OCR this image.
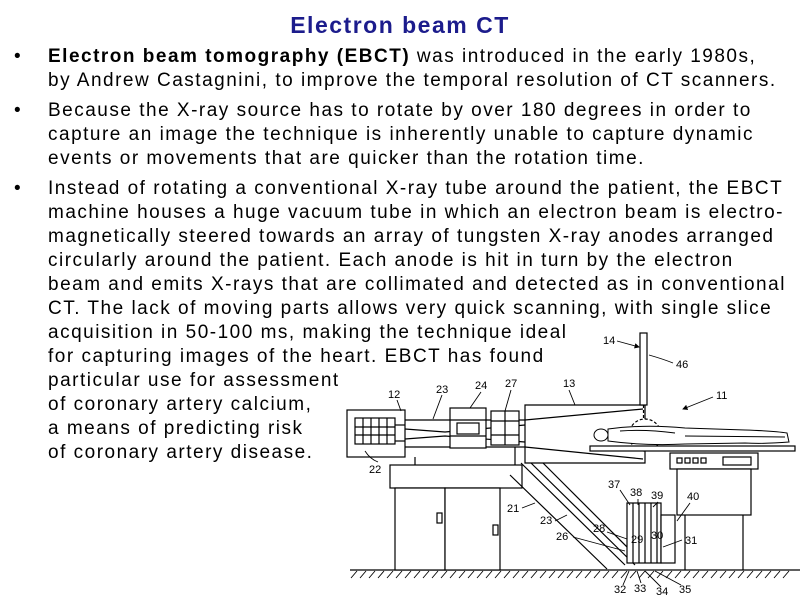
Electron beam CT
14
46
11
12	23 24 27	13
22
37
38 39 40
21
23
28
26	29 30 31
32 33 34 35
• Electron beam tomography (EBCT) was introduced in the early 1980s,
by Andrew Castagnini, to improve the temporal resolution of CT scanners.
• Because the X-ray source has to rotate by over 180 degrees in order to
capture an image the technique is inherently unable to capture dynamic
events or movements that are quicker than the rotation time.
• Instead of rotating a conventional X-ray tube around the patient, the EBCT
machine houses a huge vacuum tube in which an electron beam is electro-
magnetically steered towards an array of tungsten X-ray anodes arranged
circularly around the patient. Each anode is hit in turn by the electron
beam and emits X-rays that are collimated and detected as in conventional
CT. The lack of moving parts allows very quick scanning, with single slice
acquisition in 50-100 ms, making the technique ideal
for capturing images of the heart. EBCT has found
particular use for assessment
of coronary artery calcium,
a means of predicting risk
of coronary artery disease.
